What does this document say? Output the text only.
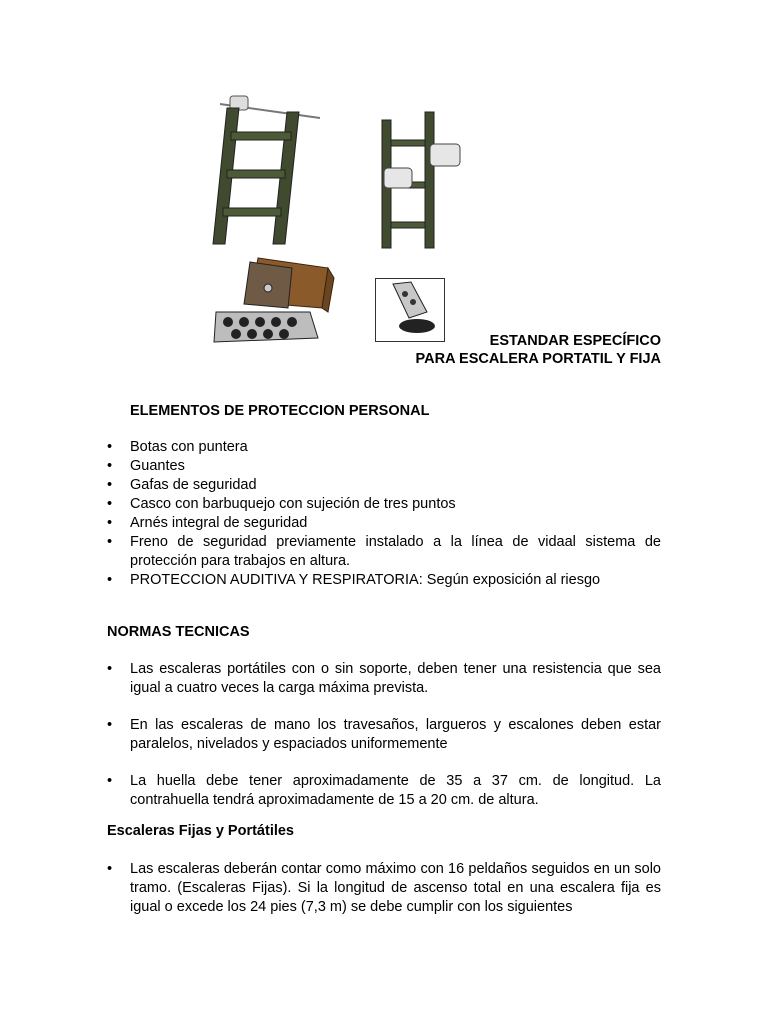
ESTANDAR ESPECÍFICO
PARA ESCALERA PORTATIL Y FIJA
ELEMENTOS DE PROTECCION PERSONAL
• Botas con puntera
• Guantes
• Gafas de seguridad
• Casco con barbuquejo con sujeción de tres puntos
• Arnés integral de seguridad
• Freno de seguridad previamente instalado a la línea de vidaal sistema de protección para trabajos en altura.
• PROTECCION AUDITIVA Y RESPIRATORIA: Según exposición al riesgo
NORMAS TECNICAS
• Las escaleras portátiles con o sin soporte, deben tener una resistencia que sea igual a cuatro veces la carga máxima prevista.
• En las escaleras de mano los travesaños, largueros y escalones deben estar paralelos, nivelados y espaciados uniformemente
• La huella debe tener aproximadamente de 35 a 37 cm. de longitud. La contrahuella tendrá aproximadamente de 15 a 20 cm. de altura.
Escaleras Fijas y Portátiles
• Las escaleras deberán contar como máximo con 16 peldaños seguidos en un solo tramo. (Escaleras Fijas). Si la longitud de ascenso total en una escalera fija es igual o excede los 24 pies (7,3 m) se debe cumplir con los siguientes
